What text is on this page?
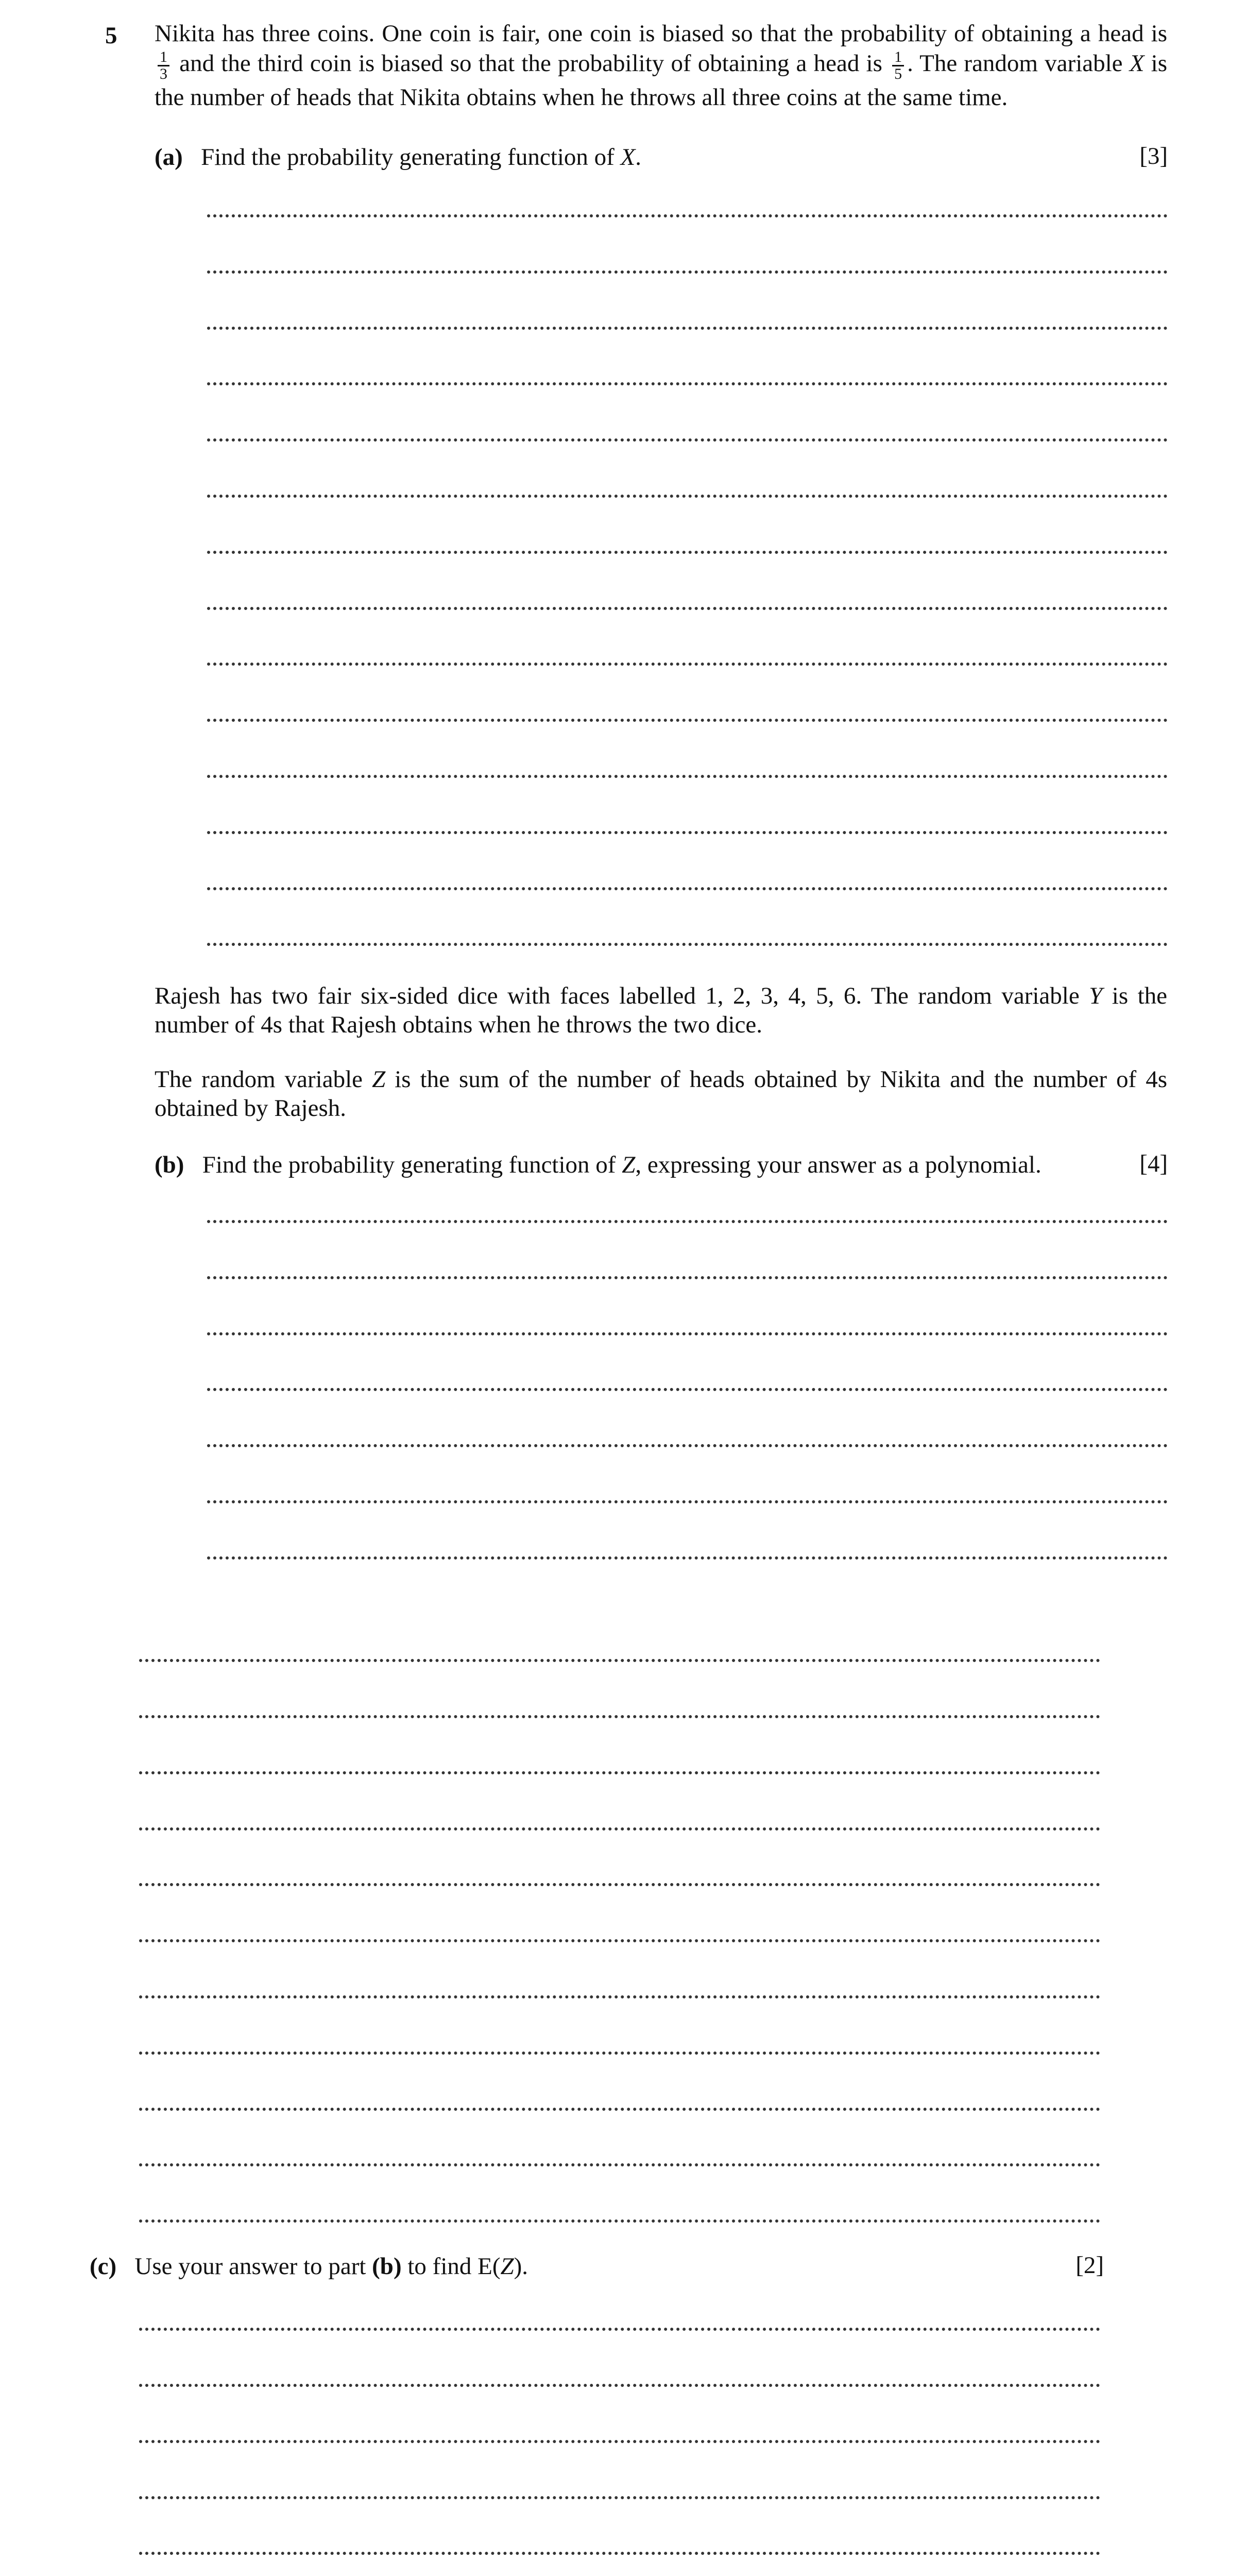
5 Nikita has three coins. One coin is fair, one coin is biased so that the probability of obtaining a head is
$\frac{1}{3}$ and the third coin is biased so that the probability of obtaining a head is $\frac{1}{5}$ . The random variable X is
the number of heads that Nikita obtains when he throws all three coins at the same time.
(a) Find the probability generating function of X.	[3]
Rajesh has two fair six-sided dice with faces labelled 1, 2, 3, 4, 5, 6. The random variable Y is the
number of 4s that Rajesh obtains when he throws the two dice.
The random variable Z is the sum of the number of heads obtained by Nikita and the number of 4s
obtained by Rajesh.
(b) Find the probability generating function of Z, expressing your answer as a polynomial.	[4]
(c) Use your answer to part (b) to find E(Z).	[2]
